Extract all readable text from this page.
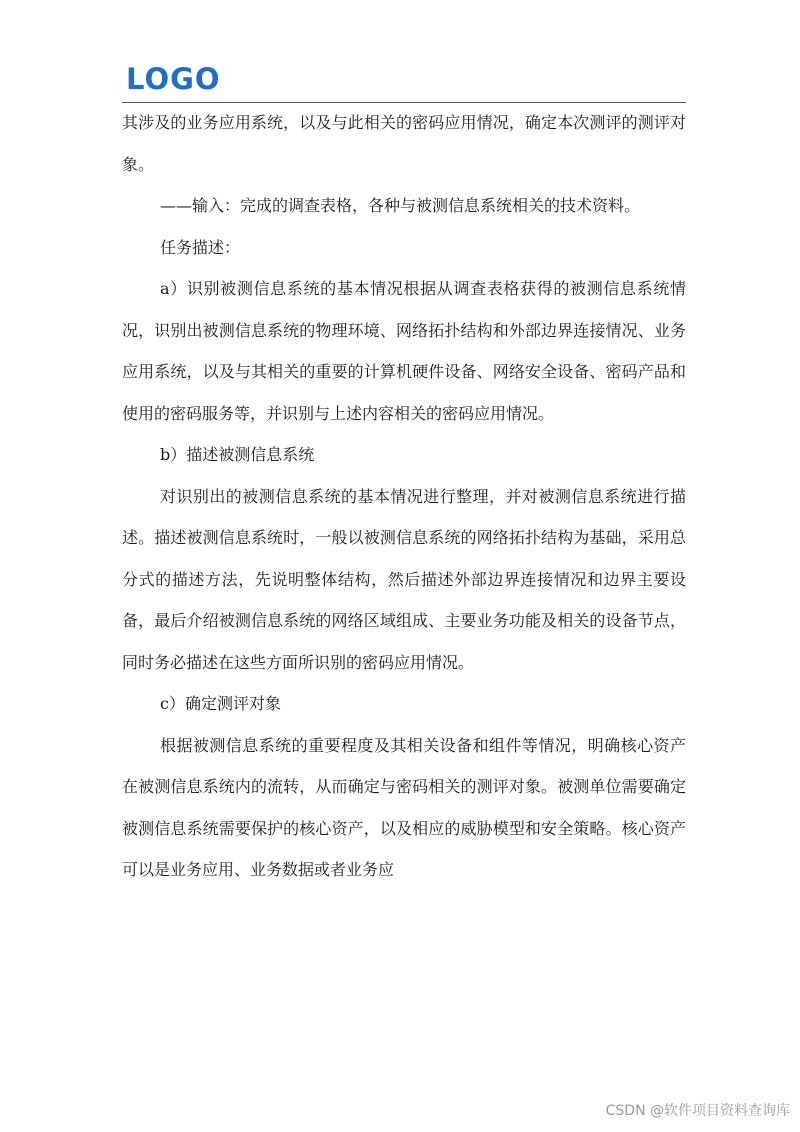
LOGO

其涉及的业务应用系统，以及与此相关的密码应用情况，确定本次测评的测评对象。

——输入：完成的调查表格，各种与被测信息系统相关的技术资料。

任务描述：

a）识别被测信息系统的基本情况根据从调查表格获得的被测信息系统情况，识别出被测信息系统的物理环境、网络拓扑结构和外部边界连接情况、业务应用系统，以及与其相关的重要的计算机硬件设备、网络安全设备、密码产品和使用的密码服务等，并识别与上述内容相关的密码应用情况。

b）描述被测信息系统

对识别出的被测信息系统的基本情况进行整理，并对被测信息系统进行描述。描述被测信息系统时，一般以被测信息系统的网络拓扑结构为基础，采用总分式的描述方法，先说明整体结构，然后描述外部边界连接情况和边界主要设备，最后介绍被测信息系统的网络区域组成、主要业务功能及相关的设备节点，同时务必描述在这些方面所识别的密码应用情况。

c）确定测评对象

根据被测信息系统的重要程度及其相关设备和组件等情况，明确核心资产在被测信息系统内的流转，从而确定与密码相关的测评对象。被测单位需要确定被测信息系统需要保护的核心资产，以及相应的威胁模型和安全策略。核心资产可以是业务应用、业务数据或者业务应

CSDN @软件项目资料查询库
